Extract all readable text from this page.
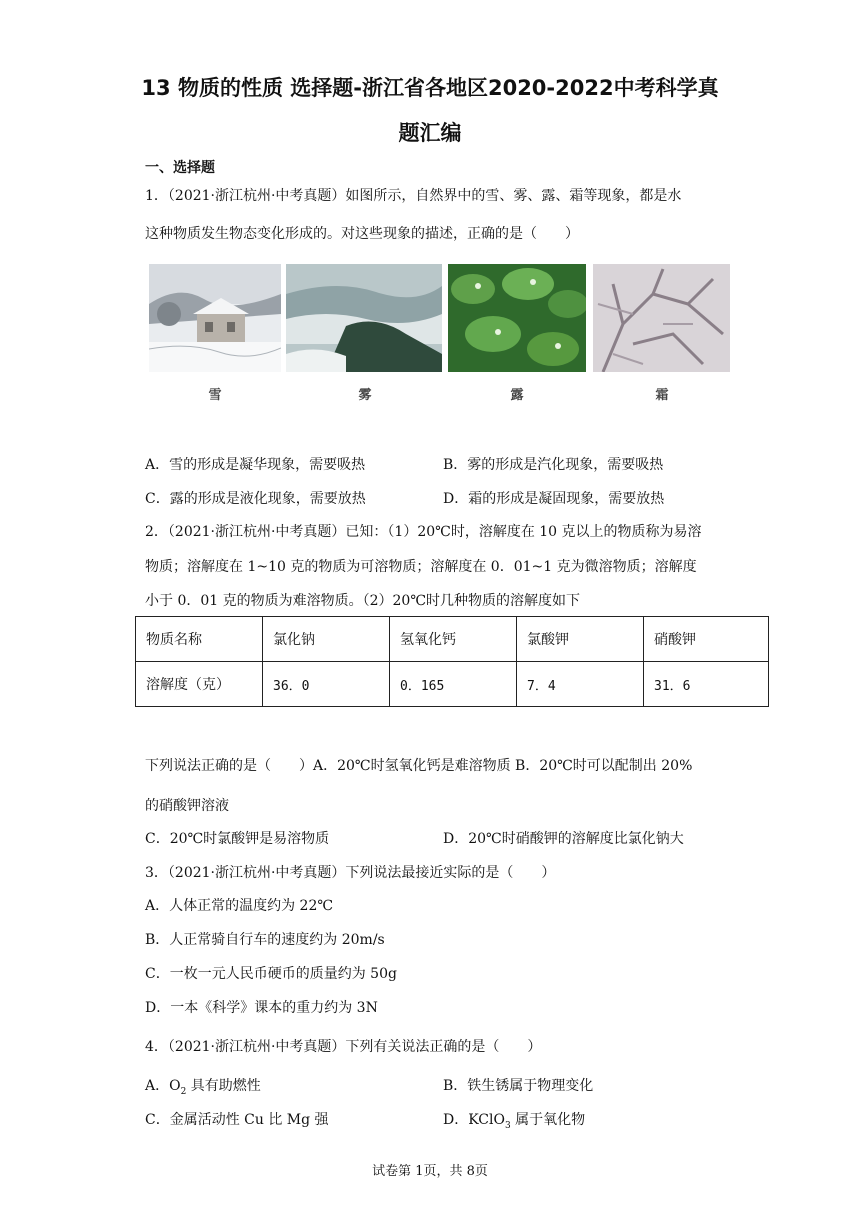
13 物质的性质 选择题-浙江省各地区2020-2022中考科学真
题汇编
一、选择题
1．（2021·浙江杭州·中考真题）如图所示，自然界中的雪、雾、露、霜等现象，都是水
这种物质发生物态变化形成的。对这些现象的描述，正确的是（　　）
雪	雾	露	霜
A．雪的形成是凝华现象，需要吸热	B．雾的形成是汽化现象，需要吸热
C．露的形成是液化现象，需要放热	D．霜的形成是凝固现象，需要放热
2．（2021·浙江杭州·中考真题）已知：（1）20℃时，溶解度在 10 克以上的物质称为易溶
物质；溶解度在 1~10 克的物质为可溶物质；溶解度在 0．01~1 克为微溶物质；溶解度
小于 0．01 克的物质为难溶物质。（2）20℃时几种物质的溶解度如下
物质名称	氯化钠	氢氧化钙	氯酸钾	硝酸钾
溶解度（克）	36．0	0．165	7．4	31．6
下列说法正确的是（　　）A．20℃时氢氧化钙是难溶物质 B．20℃时可以配制出 20%
的硝酸钾溶液
C．20℃时氯酸钾是易溶物质	D．20℃时硝酸钾的溶解度比氯化钠大
3．（2021·浙江杭州·中考真题）下列说法最接近实际的是（　　）
A．人体正常的温度约为 22℃
B．人正常骑自行车的速度约为 20m/s
C．一枚一元人民币硬币的质量约为 50g
D．一本《科学》课本的重力约为 3N
4．（2021·浙江杭州·中考真题）下列有关说法正确的是（　　）
A．$O_2$ 具有助燃性	B．铁生锈属于物理变化
C．金属活动性 Cu 比 Mg 强	D．KClO$_3$ 属于氧化物
试卷第 1页，共 8页
